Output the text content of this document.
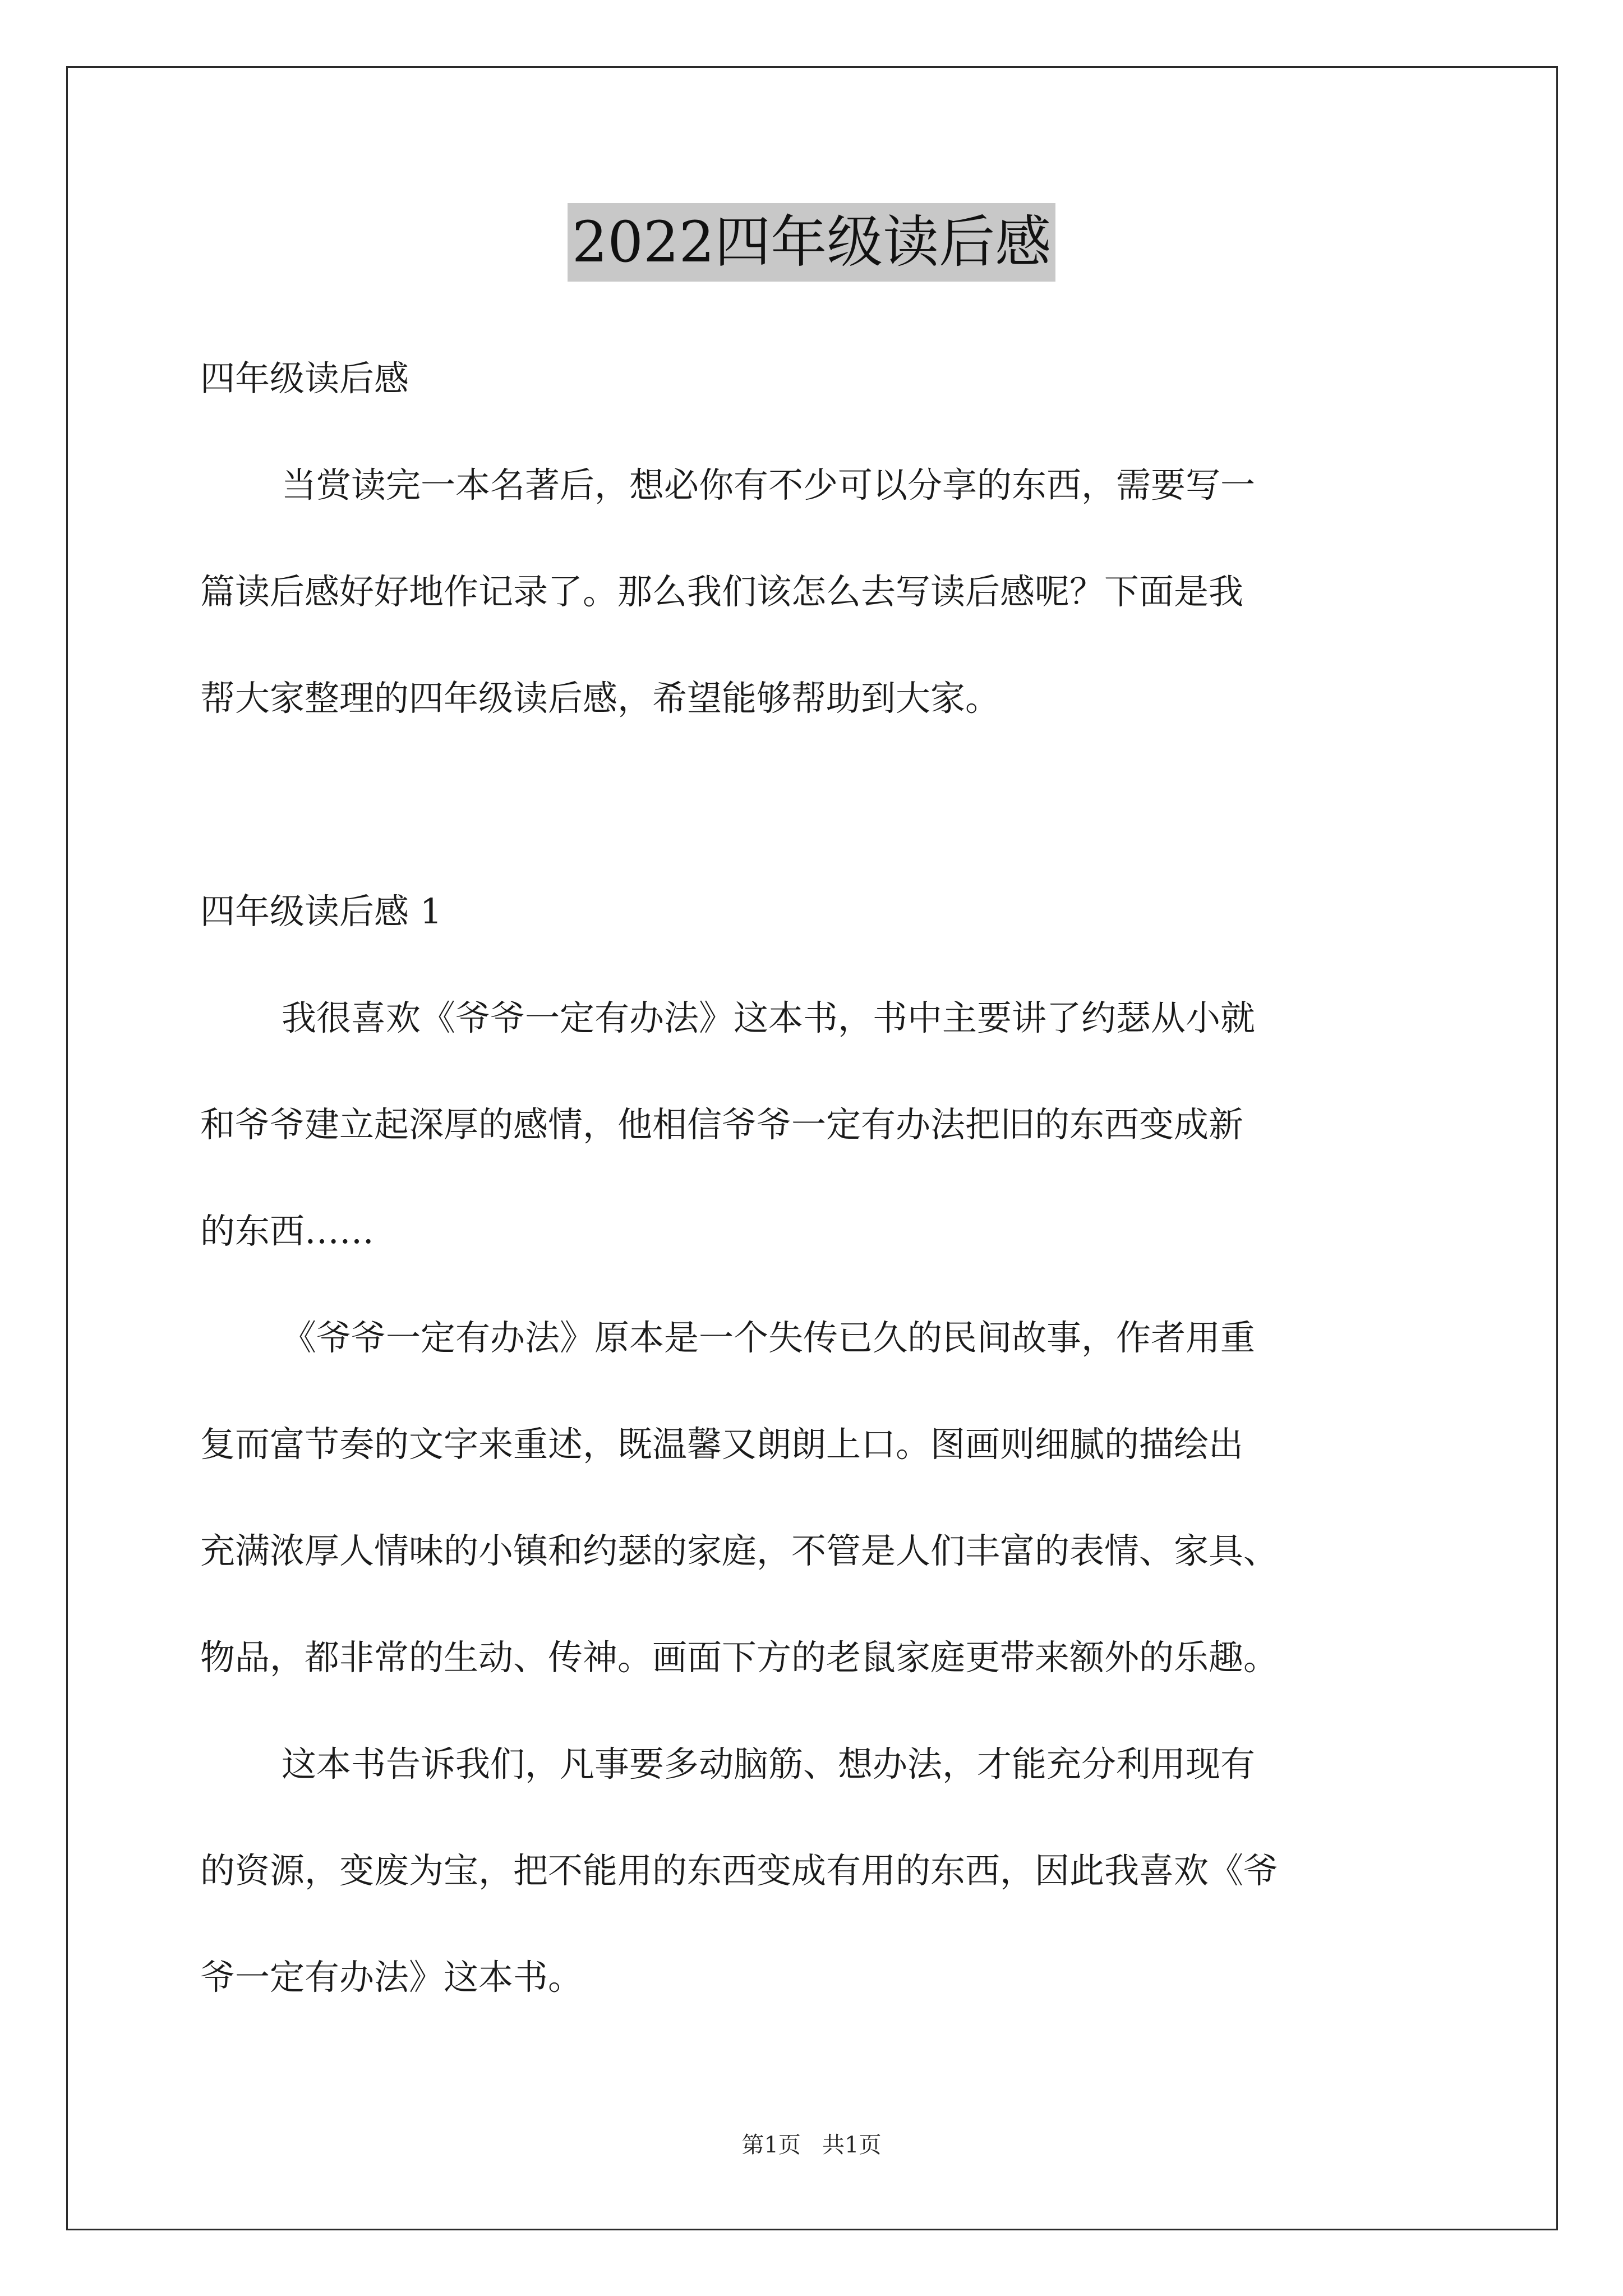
2022四年级读后感
四年级读后感
当赏读完一本名著后，想必你有不少可以分享的东西，需要写一
篇读后感好好地作记录了。那么我们该怎么去写读后感呢？下面是我
帮大家整理的四年级读后感，希望能够帮助到大家。
四年级读后感 1
我很喜欢《爷爷一定有办法》这本书，书中主要讲了约瑟从小就
和爷爷建立起深厚的感情，他相信爷爷一定有办法把旧的东西变成新
的东西……
《爷爷一定有办法》原本是一个失传已久的民间故事，作者用重
复而富节奏的文字来重述，既温馨又朗朗上口。图画则细腻的描绘出
充满浓厚人情味的小镇和约瑟的家庭，不管是人们丰富的表情、家具、
物品，都非常的生动、传神。画面下方的老鼠家庭更带来额外的乐趣。
这本书告诉我们，凡事要多动脑筋、想办法，才能充分利用现有
的资源，变废为宝，把不能用的东西变成有用的东西，因此我喜欢《爷
爷一定有办法》这本书。
第1页   共1页
